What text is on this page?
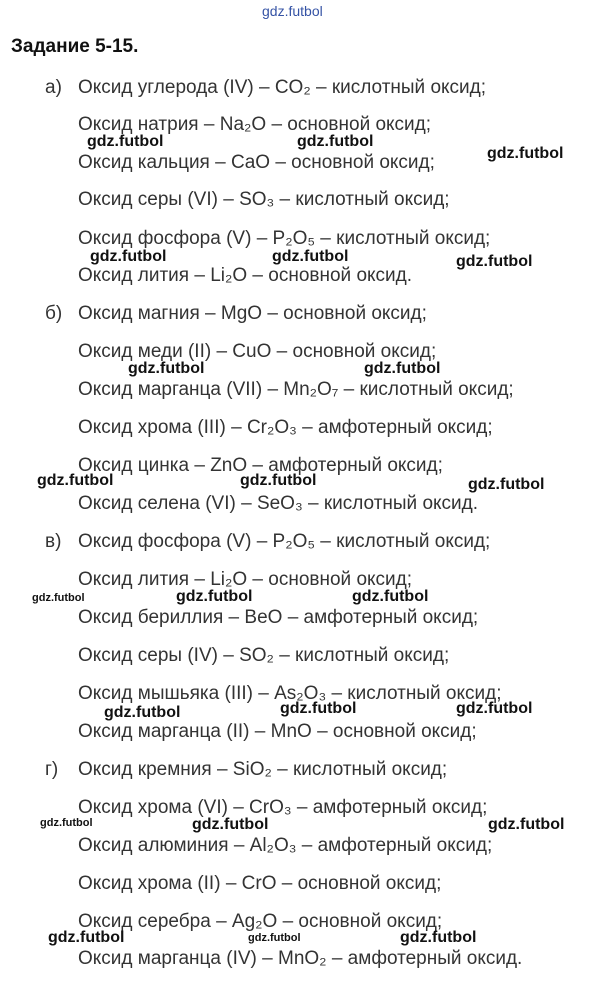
gdz.futbol
Задание 5-15.
а) Оксид углерода (IV) – CO₂ – кислотный оксид;
Оксид натрия – Na₂O – основной оксид;
Оксид кальция – CaO – основной оксид;
Оксид серы (VI) – SO₃ – кислотный оксид;
Оксид фосфора (V) – P₂O₅ – кислотный оксид;
Оксид лития – Li₂O – основной оксид.
б) Оксид магния – MgO – основной оксид;
Оксид меди (II) – CuO – основной оксид;
Оксид марганца (VII) – Mn₂O₇ – кислотный оксид;
Оксид хрома (III) – Cr₂O₃ – амфотерный оксид;
Оксид цинка – ZnO – амфотерный оксид;
Оксид селена (VI) – SeO₃ – кислотный оксид.
в) Оксид фосфора (V) – P₂O₅ – кислотный оксид;
Оксид лития – Li₂O – основной оксид;
Оксид бериллия – BeO – амфотерный оксид;
Оксид серы (IV) – SO₂ – кислотный оксид;
Оксид мышьяка (III) – As₂O₃ – кислотный оксид;
Оксид марганца (II) – MnO – основной оксид;
г) Оксид кремния – SiO₂ – кислотный оксид;
Оксид хрома (VI) – CrO₃ – амфотерный оксид;
Оксид алюминия – Al₂O₃ – амфотерный оксид;
Оксид хрома (II) – CrO – основной оксид;
Оксид серебра – Ag₂O – основной оксид;
Оксид марганца (IV) – MnO₂ – амфотерный оксид.
gdz.futbol	gdz.futbol
gdz.futbol
gdz.futbol	gdz.futbol	gdz.futbol
gdz.futbol	gdz.futbol
gdz.futbol	gdz.futbol	gdz.futbol
gdz.futbol	gdz.futbol	gdz.futbol
gdz.futbol	gdz.futbol	gdz.futbol
gdz.futbol	gdz.futbol	gdz.futbol
gdz.futbol	gdz.futbol	gdz.futbol
